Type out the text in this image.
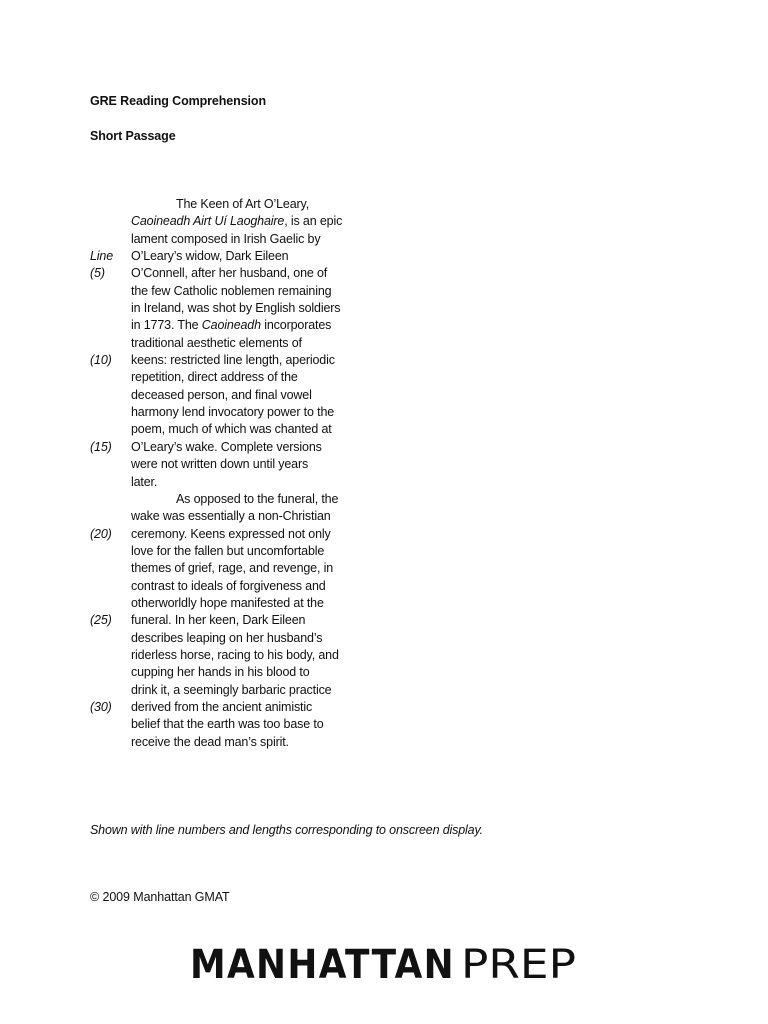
GRE Reading Comprehension
Short Passage
The Keen of Art O’Leary,
Caoineadh Airt Uí Laoghaire, is an epic
lament composed in Irish Gaelic by
Line	O’Leary’s widow, Dark Eileen
(5)	O’Connell, after her husband, one of
the few Catholic noblemen remaining
in Ireland, was shot by English soldiers
in 1773. The Caoineadh incorporates
traditional aesthetic elements of
(10)	keens: restricted line length, aperiodic
repetition, direct address of the
deceased person, and final vowel
harmony lend invocatory power to the
poem, much of which was chanted at
(15)	O’Leary’s wake. Complete versions
were not written down until years
later.
As opposed to the funeral, the
wake was essentially a non-Christian
(20)	ceremony. Keens expressed not only
love for the fallen but uncomfortable
themes of grief, rage, and revenge, in
contrast to ideals of forgiveness and
otherworldly hope manifested at the
(25)	funeral. In her keen, Dark Eileen
describes leaping on her husband’s
riderless horse, racing to his body, and
cupping her hands in his blood to
drink it, a seemingly barbaric practice
(30)	derived from the ancient animistic
belief that the earth was too base to
receive the dead man’s spirit.
Shown with line numbers and lengths corresponding to onscreen display.
© 2009 Manhattan GMAT
MANHATTAN PREP
